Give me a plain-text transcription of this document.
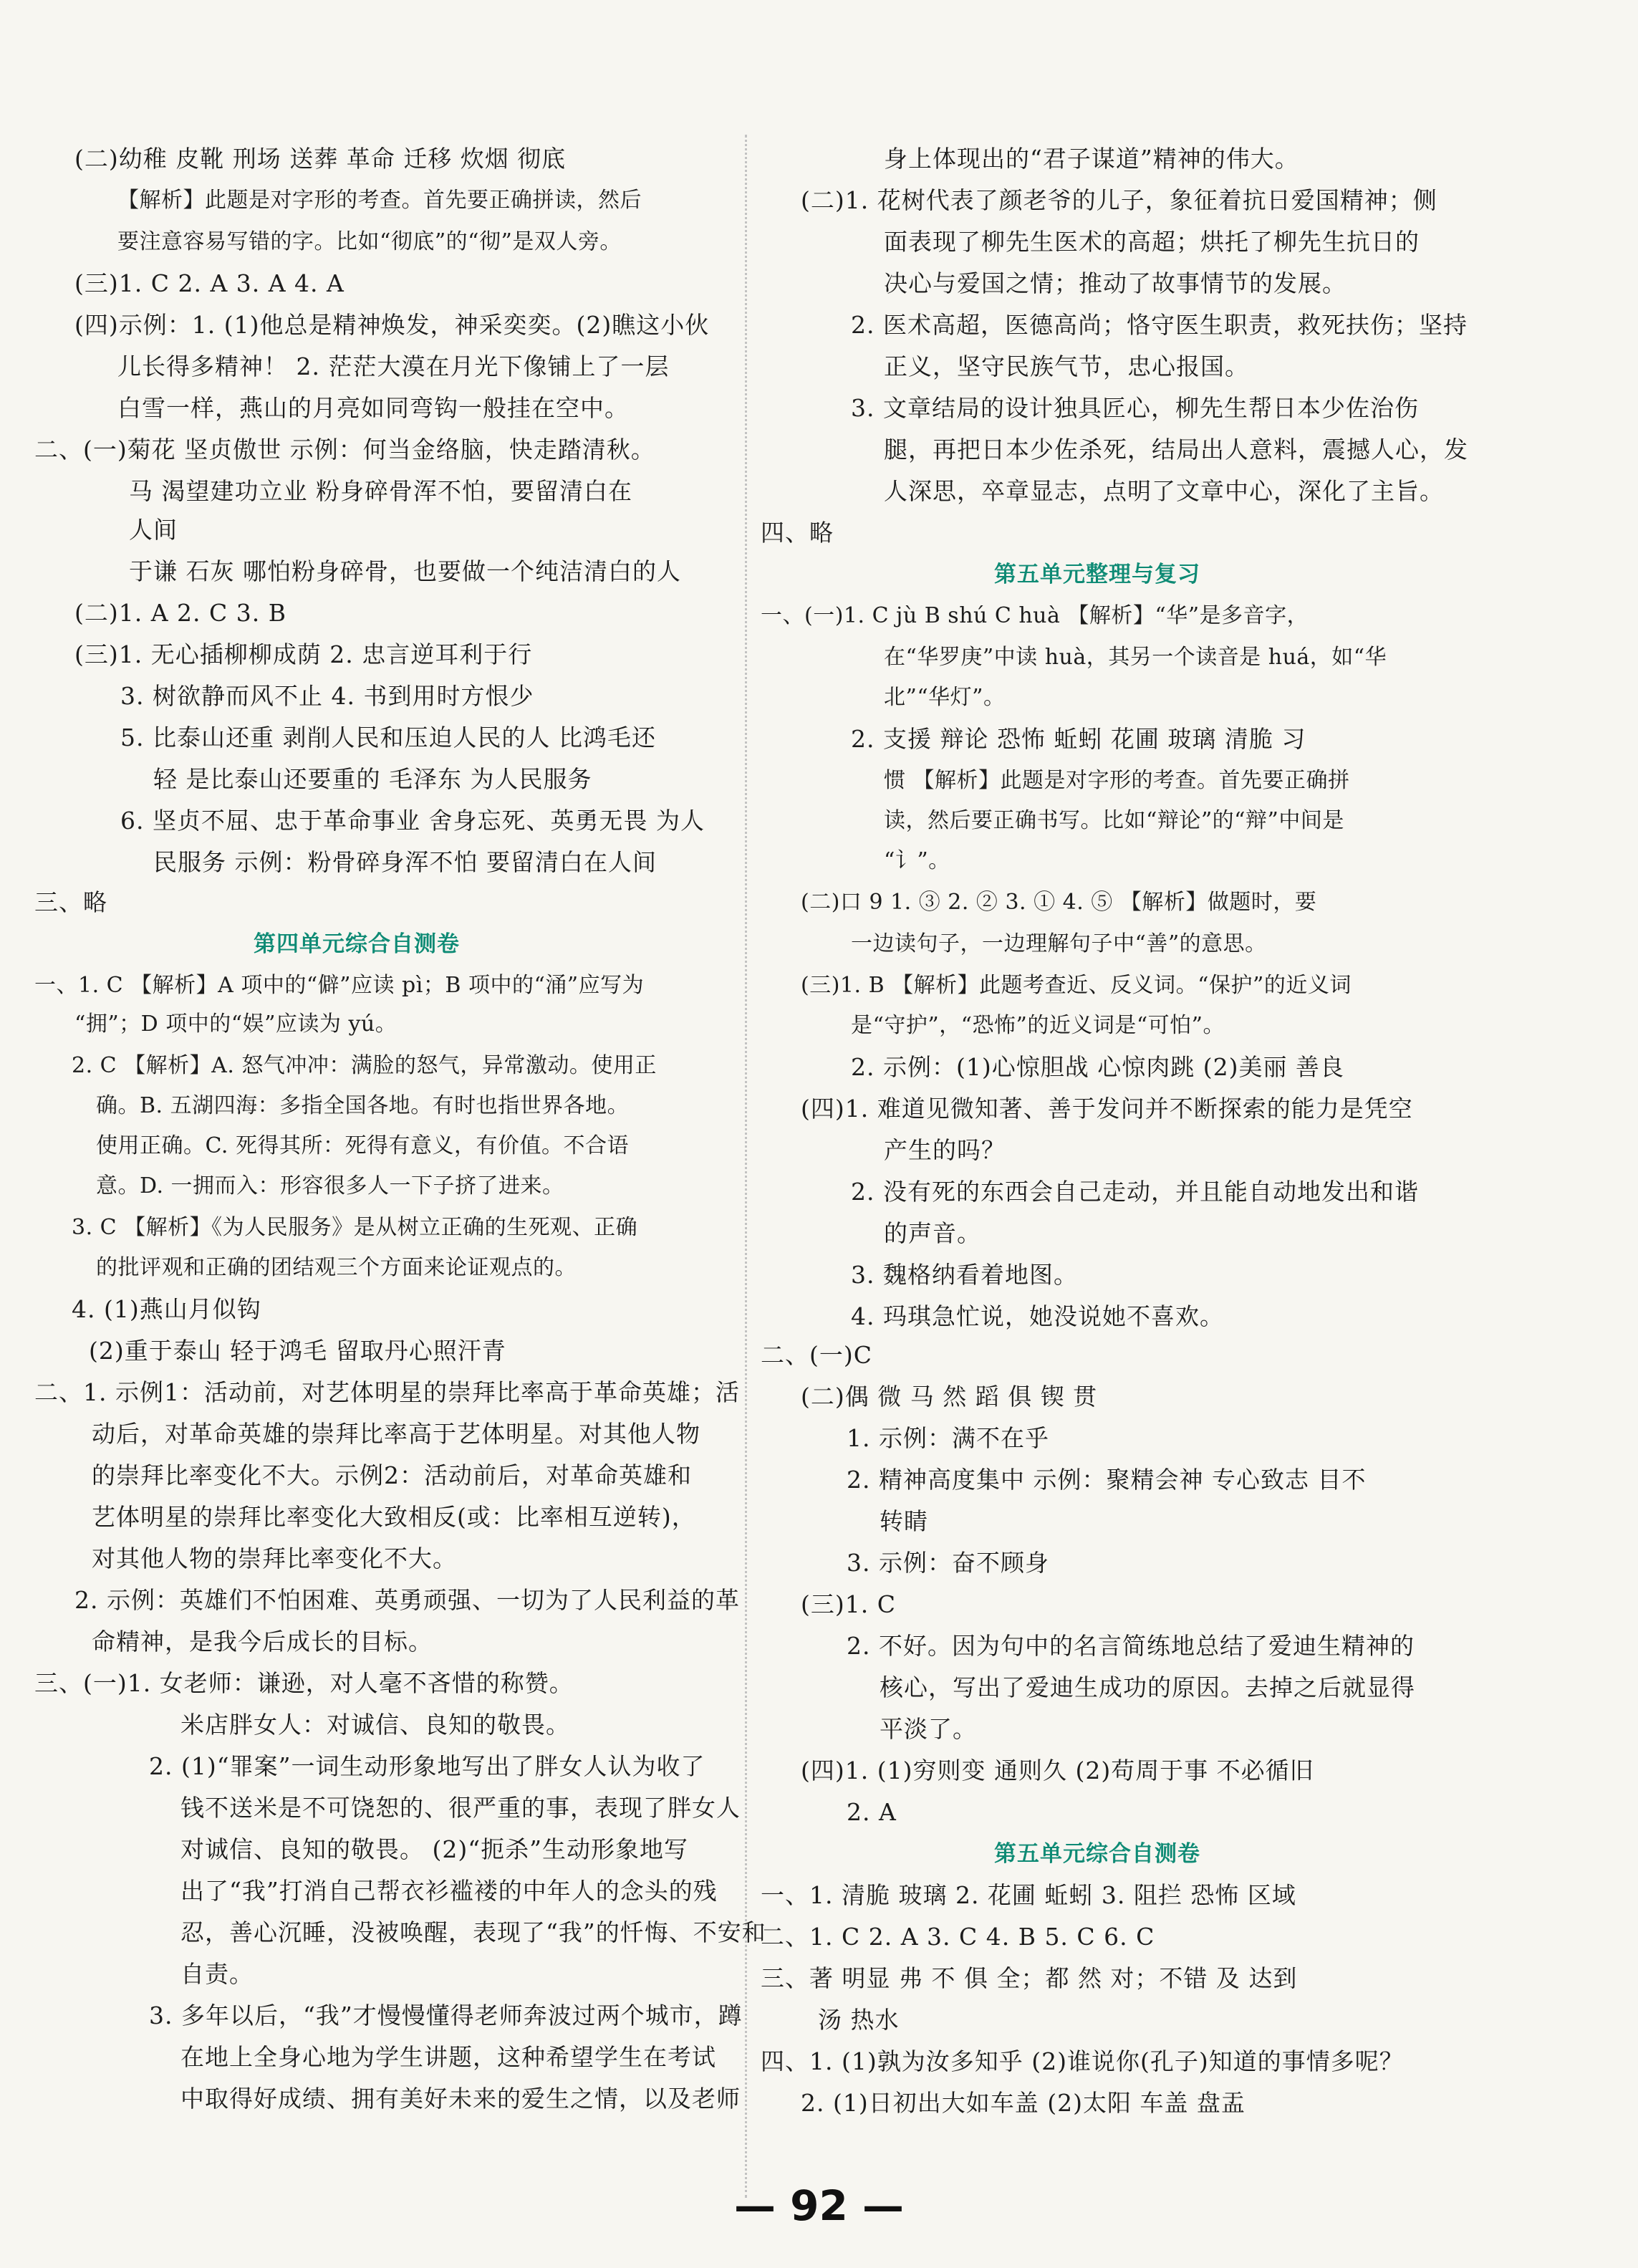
(二)幼稚 皮靴 刑场 送葬 革命 迁移 炊烟 彻底
【解析】此题是对字形的考查。首先要正确拼读，然后
要注意容易写错的字。比如“彻底”的“彻”是双人旁。
(三)1. C 2. A 3. A 4. A
(四)示例：1. (1)他总是精神焕发，神采奕奕。(2)瞧这小伙
儿长得多精神！ 2. 茫茫大漠在月光下像铺上了一层
白雪一样，燕山的月亮如同弯钩一般挂在空中。
二、(一)菊花 坚贞傲世 示例：何当金络脑，快走踏清秋。
马 渴望建功立业 粉身碎骨浑不怕，要留清白在
人间
于谦 石灰 哪怕粉身碎骨，也要做一个纯洁清白的人
(二)1. A 2. C 3. B
(三)1. 无心插柳柳成荫 2. 忠言逆耳利于行
3. 树欲静而风不止 4. 书到用时方恨少
5. 比泰山还重 剥削人民和压迫人民的人 比鸿毛还
轻 是比泰山还要重的 毛泽东 为人民服务
6. 坚贞不屈、忠于革命事业 舍身忘死、英勇无畏 为人
民服务 示例：粉骨碎身浑不怕 要留清白在人间
三、略
第四单元综合自测卷
一、1. C 【解析】A 项中的“僻”应读 pì；B 项中的“涌”应写为
“拥”；D 项中的“娱”应读为 yú。
2. C 【解析】A. 怒气冲冲：满脸的怒气，异常激动。使用正
确。B. 五湖四海：多指全国各地。有时也指世界各地。
使用正确。C. 死得其所：死得有意义，有价值。不合语
意。D. 一拥而入：形容很多人一下子挤了进来。
3. C 【解析】《为人民服务》是从树立正确的生死观、正确
的批评观和正确的团结观三个方面来论证观点的。
4. (1)燕山月似钩
(2)重于泰山 轻于鸿毛 留取丹心照汗青
二、1. 示例1：活动前，对艺体明星的崇拜比率高于革命英雄；活
动后，对革命英雄的崇拜比率高于艺体明星。对其他人物
的崇拜比率变化不大。示例2：活动前后，对革命英雄和
艺体明星的崇拜比率变化大致相反(或：比率相互逆转)，
对其他人物的崇拜比率变化不大。
2. 示例：英雄们不怕困难、英勇顽强、一切为了人民利益的革
命精神，是我今后成长的目标。
三、(一)1. 女老师：谦逊，对人毫不吝惜的称赞。
米店胖女人：对诚信、良知的敬畏。
2. (1)“罪案”一词生动形象地写出了胖女人认为收了
钱不送米是不可饶恕的、很严重的事，表现了胖女人
对诚信、良知的敬畏。 (2)“扼杀”生动形象地写
出了“我”打消自己帮衣衫褴褛的中年人的念头的残
忍，善心沉睡，没被唤醒，表现了“我”的忏悔、不安和
自责。
3. 多年以后，“我”才慢慢懂得老师奔波过两个城市，蹲
在地上全身心地为学生讲题，这种希望学生在考试
中取得好成绩、拥有美好未来的爱生之情，以及老师
身上体现出的“君子谋道”精神的伟大。
(二)1. 花树代表了颜老爷的儿子，象征着抗日爱国精神；侧
面表现了柳先生医术的高超；烘托了柳先生抗日的
决心与爱国之情；推动了故事情节的发展。
2. 医术高超，医德高尚；恪守医生职责，救死扶伤；坚持
正义，坚守民族气节，忠心报国。
3. 文章结局的设计独具匠心，柳先生帮日本少佐治伤
腿，再把日本少佐杀死，结局出人意料，震撼人心，发
人深思，卒章显志，点明了文章中心，深化了主旨。
四、略
第五单元整理与复习
一、(一)1. C jù B shú C huà 【解析】“华”是多音字，
在“华罗庚”中读 huà，其另一个读音是 huá，如“华
北”“华灯”。
2. 支援 辩论 恐怖 蚯蚓 花圃 玻璃 清脆 习
惯 【解析】此题是对字形的考查。首先要正确拼
读，然后要正确书写。比如“辩论”的“辩”中间是
“讠”。
(二)口 9 1. ③ 2. ② 3. ① 4. ⑤ 【解析】做题时，要
一边读句子，一边理解句子中“善”的意思。
(三)1. B 【解析】此题考查近、反义词。“保护”的近义词
是“守护”，“恐怖”的近义词是“可怕”。
2. 示例：(1)心惊胆战 心惊肉跳 (2)美丽 善良
(四)1. 难道见微知著、善于发问并不断探索的能力是凭空
产生的吗？
2. 没有死的东西会自己走动，并且能自动地发出和谐
的声音。
3. 魏格纳看着地图。
4. 玛琪急忙说，她没说她不喜欢。
二、(一)C
(二)偶 微 马 然 蹈 俱 锲 贯
1. 示例：满不在乎
2. 精神高度集中 示例：聚精会神 专心致志 目不
转睛
3. 示例：奋不顾身
(三)1. C
2. 不好。因为句中的名言简练地总结了爱迪生精神的
核心，写出了爱迪生成功的原因。去掉之后就显得
平淡了。
(四)1. (1)穷则变 通则久 (2)苟周于事 不必循旧
2. A
第五单元综合自测卷
一、1. 清脆 玻璃 2. 花圃 蚯蚓 3. 阻拦 恐怖 区域
二、1. C 2. A 3. C 4. B 5. C 6. C
三、著 明显 弗 不 俱 全；都 然 对；不错 及 达到
汤 热水
四、1. (1)孰为汝多知乎 (2)谁说你(孔子)知道的事情多呢？
2. (1)日初出大如车盖 (2)太阳 车盖 盘盂
— 92 —
